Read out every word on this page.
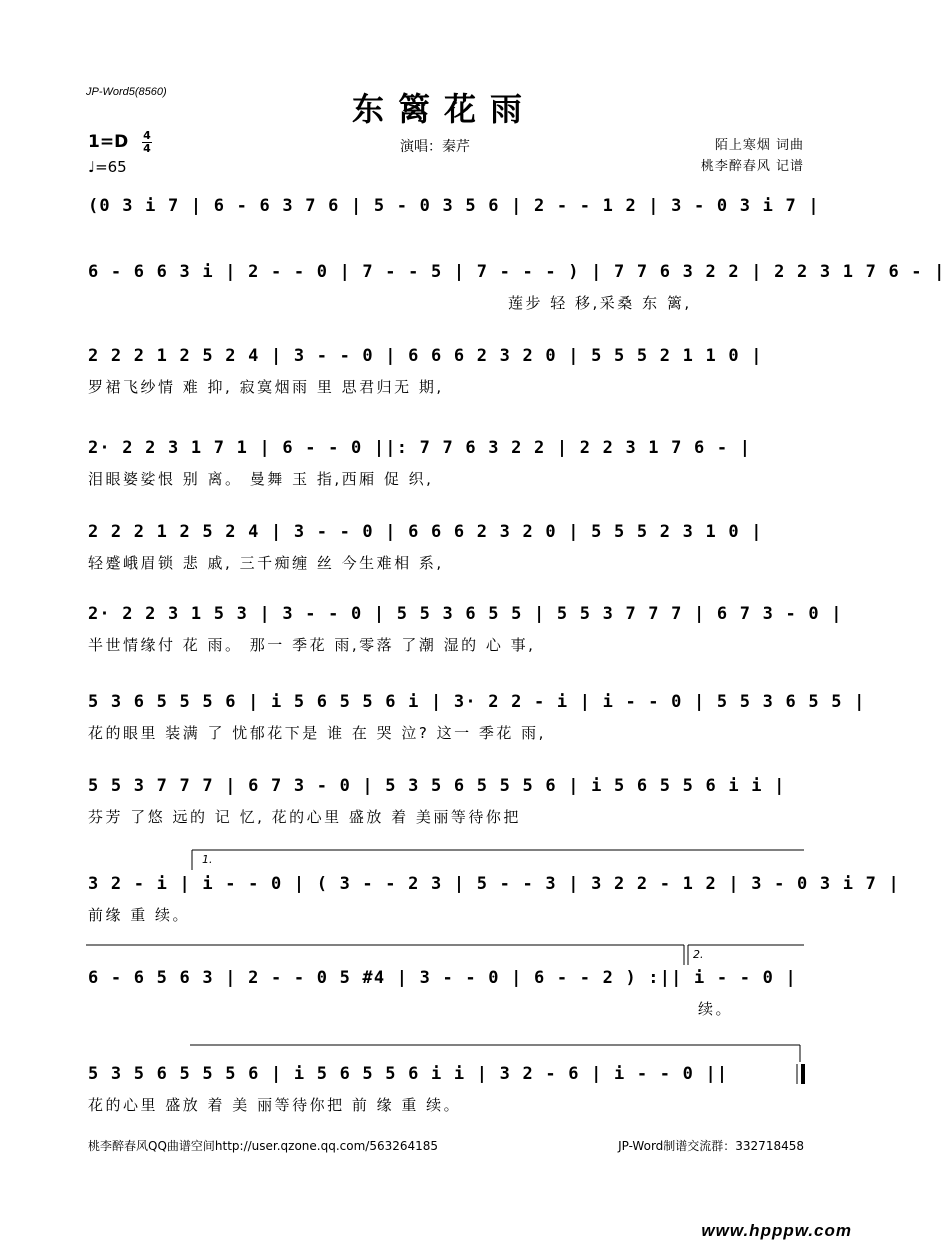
JP-Word5(8560)	东篱花雨
演唱：秦芹	陌上寒烟 词曲
桃李醉春风 记谱
1=D 4
4
♩=65
(0 3 i 7 | 6 - 6 3 7 6 | 5 - 0 3 5 6 | 2 - - 1 2 | 3 - 0 3 i 7 |
6 - 6 6 3 i | 2 - - 0 | 7 - - 5 | 7 - - - ) | 7 7 6 3 2 2 | 2 2 3 1 7 6 - |
莲步 轻 移,采桑 东 篱,
2 2 2 1 2 5 2 4 | 3 - - 0 | 6 6 6 2 3 2 0 | 5 5 5 2 1 1 0 |
罗裙飞纱情 难 抑, 寂寞烟雨 里 思君归无 期,
2· 2 2 3 1 7 1 | 6 - - 0 ||: 7 7 6 3 2 2 | 2 2 3 1 7 6 - |
泪眼婆娑恨 别 离。 曼舞 玉 指,西厢 促 织,
2 2 2 1 2 5 2 4 | 3 - - 0 | 6 6 6 2 3 2 0 | 5 5 5 2 3 1 0 |
轻蹙峨眉锁 悲 戚, 三千痴缠 丝 今生难相 系,
2· 2 2 3 1 5 3 | 3 - - 0 | 5 5 3 6 5 5 | 5 5 3 7 7 7 | 6 7 3 - 0 |
半世情缘付 花 雨。 那一 季花 雨,零落 了潮 湿的 心 事,
5 3 6 5 5 5 6 | i 5 6 5 5 6 i | 3· 2 2 - i | i - - 0 | 5 5 3 6 5 5 |
花的眼里 装满 了 忧郁花下是 谁 在 哭 泣? 这一 季花 雨,
5 5 3 7 7 7 | 6 7 3 - 0 | 5 3 5 6 5 5 5 6 | i 5 6 5 5 6 i i |
芬芳 了悠 远的 记 忆, 花的心里 盛放 着 美丽等待你把
1.
3 2 - i | i - - 0 | ( 3 - - 2 3 | 5 - - 3 | 3 2 2 - 1 2 | 3 - 0 3 i 7 |
前缘 重 续。
2.
6 - 6 5 6 3 | 2 - - 0 5 #4 | 3 - - 0 | 6 - - 2 ) :|| i - - 0 |
续。
5 3 5 6 5 5 5 6 | i 5 6 5 5 6 i i | 3 2 - 6 | i - - 0 ||
花的心里 盛放 着 美 丽等待你把 前 缘 重 续。
桃李醉春风QQ曲谱空间http://user.qzone.qq.com/563264185	JP-Word制谱交流群：332718458
www.hpppw.com
